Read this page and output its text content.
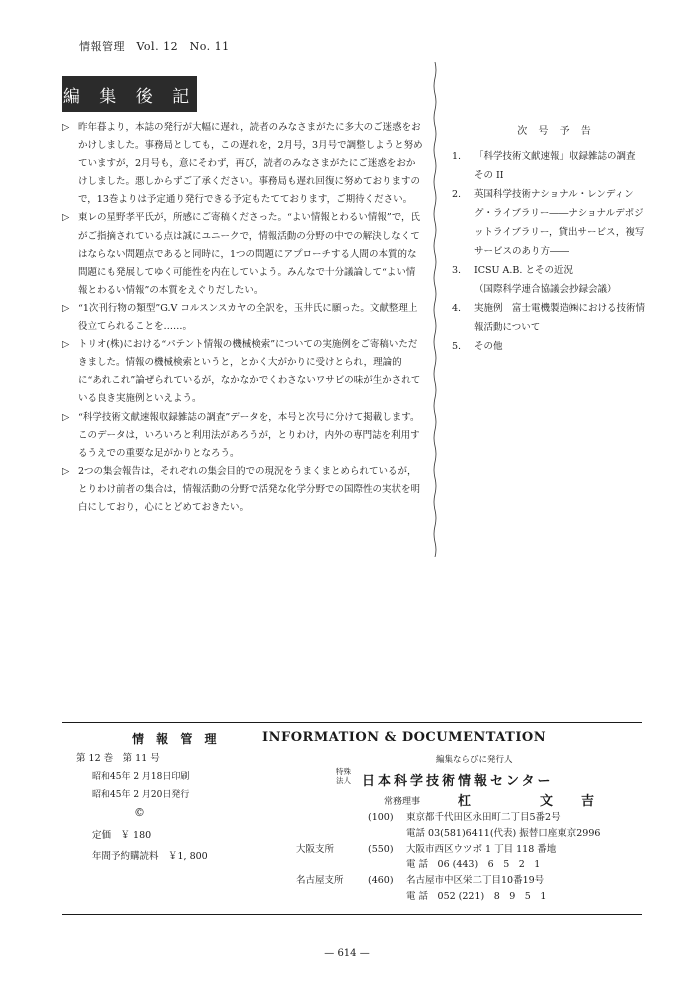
情報管理　Vol. 12　No. 11
編 集 後 記

▷ 昨年暮より，本誌の発行が大幅に遅れ，読者のみなさまがたに多大のご迷惑をおかけしました。事務局としても，この遅れを，2月号，3月号で調整しようと努めていますが，2月号も，意にそわず，再び，読者のみなさまがたにご迷惑をおかけしました。悪しからずご了承ください。事務局も遅れ回復に努めておりますので，13巻よりは予定通り発行できる予定もたてております，ご期待ください。

▷ 東レの星野孝平氏が，所感にご寄稿くださった。“よい情報とわるい情報”で，氏がご指摘されている点は誠にユニークで，情報活動の分野の中での解決しなくてはならない問題点であると同時に，1つの問題にアプローチする人間の本質的な問題にも発展してゆく可能性を内在していよう。みんなで十分議論して“よい情報とわるい情報”の本質をえぐりだしたい。

▷ “1次刊行物の類型”G.V コルスンスカヤの全訳を，玉井氏に願った。文献整理上役立てられることを……。

▷ トリオ(株)における“パテント情報の機械検索”についての実施例をご寄稿いただきました。情報の機械検索というと，とかく大がかりに受けとられ，理論的に“あれこれ”論ぜられているが，なかなかでくわさないワサビの味が生かされている良き実施例といえよう。

▷ “科学技術文献速報収録雑誌の調査”データを，本号と次号に分けて掲載します。このデータは，いろいろと利用法があろうが，とりわけ，内外の専門誌を利用するうえでの重要な足がかりとなろう。

▷ 2つの集会報告は，それぞれの集会目的での現況をうまくまとめられているが，とりわけ前者の集合は，情報活動の分野で活発な化学分野での国際性の実状を明白にしており，心にとどめておきたい。

次 号 予 告
1. 「科学技術文献速報」収録雑誌の調査　その II
2. 英国科学技術ナショナル・レンディング・ライブラリー――ナショナルデポジットライブラリー，貸出サービス，複写サービスのあり方――
3. ICSU A.B. とその近況
（国際科学連合協議会抄録会議）
4. 実施例　富士電機製造㈱における技術情報活動について
5. その他
情 報 管 理	INFORMATION & DOCUMENTATION
第 12 巻　第 11 号
昭和45年 2 月18日印刷
昭和45年 2 月20日発行
©
定価　￥ 180
年間予約購読料　￥1, 800
編集ならびに発行人
特殊法人 日本科学技術情報センター
常務理事	杠　文吉
	(100)	東京都千代田区永田町二丁目5番2号
		電話 03(581)6411(代表) 振替口座東京2996
大阪支所	(550)	大阪市西区ウツボ 1 丁目 118 番地
		電 話　06 (443)　6　5　2　1
名古屋支所	(460)	名古屋市中区栄二丁目10番19号
		電 話　052 (221)　8　9　5　1
— 614 —
